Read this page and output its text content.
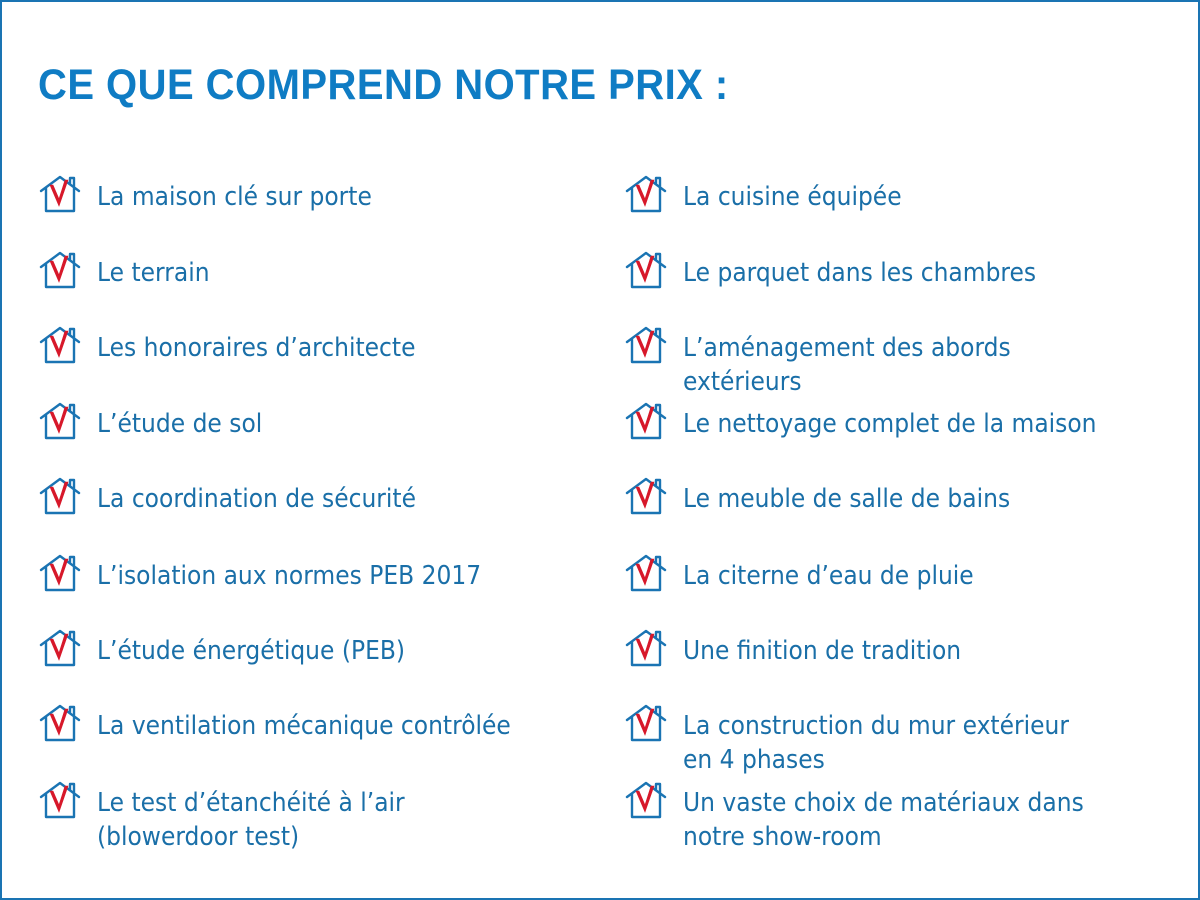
CE QUE COMPREND NOTRE PRIX :
La maison clé sur porte
Le terrain
Les honoraires d’architecte
L’étude de sol
La coordination de sécurité
L’isolation aux normes PEB 2017
L’étude énergétique (PEB)
La ventilation mécanique contrôlée
Le test d’étanchéité à l’air
(blowerdoor test)
La cuisine équipée
Le parquet dans les chambres
L’aménagement des abords extérieurs
Le nettoyage complet de la maison
Le meuble de salle de bains
La citerne d’eau de pluie
Une finition de tradition
La construction du mur extérieur
en 4 phases
Un vaste choix de matériaux dans
notre show-room
